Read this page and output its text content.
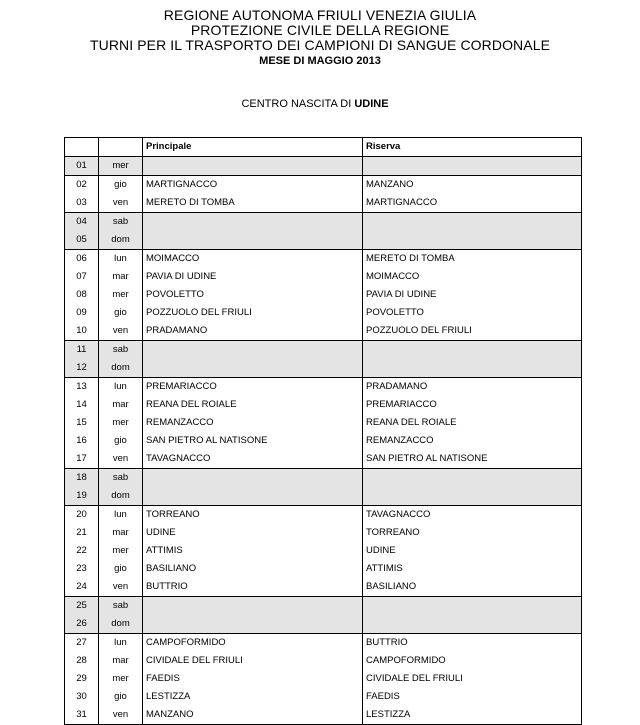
REGIONE AUTONOMA FRIULI VENEZIA GIULIA
PROTEZIONE CIVILE DELLA REGIONE
TURNI PER IL TRASPORTO DEI CAMPIONI DI SANGUE CORDONALE
MESE DI MAGGIO 2013
CENTRO NASCITA DI UDINE
		Principale	Riserva
01	mer		
02	gio	MARTIGNACCO	MANZANO
03	ven	MERETO DI TOMBA	MARTIGNACCO
04	sab		
05	dom		
06	lun	MOIMACCO	MERETO DI TOMBA
07	mar	PAVIA DI UDINE	MOIMACCO
08	mer	POVOLETTO	PAVIA DI UDINE
09	gio	POZZUOLO DEL FRIULI	POVOLETTO
10	ven	PRADAMANO	POZZUOLO DEL FRIULI
11	sab		
12	dom		
13	lun	PREMARIACCO	PRADAMANO
14	mar	REANA DEL ROIALE	PREMARIACCO
15	mer	REMANZACCO	REANA DEL ROIALE
16	gio	SAN PIETRO AL NATISONE	REMANZACCO
17	ven	TAVAGNACCO	SAN PIETRO AL NATISONE
18	sab		
19	dom		
20	lun	TORREANO	TAVAGNACCO
21	mar	UDINE	TORREANO
22	mer	ATTIMIS	UDINE
23	gio	BASILIANO	ATTIMIS
24	ven	BUTTRIO	BASILIANO
25	sab		
26	dom		
27	lun	CAMPOFORMIDO	BUTTRIO
28	mar	CIVIDALE DEL FRIULI	CAMPOFORMIDO
29	mer	FAEDIS	CIVIDALE DEL FRIULI
30	gio	LESTIZZA	FAEDIS
31	ven	MANZANO	LESTIZZA
